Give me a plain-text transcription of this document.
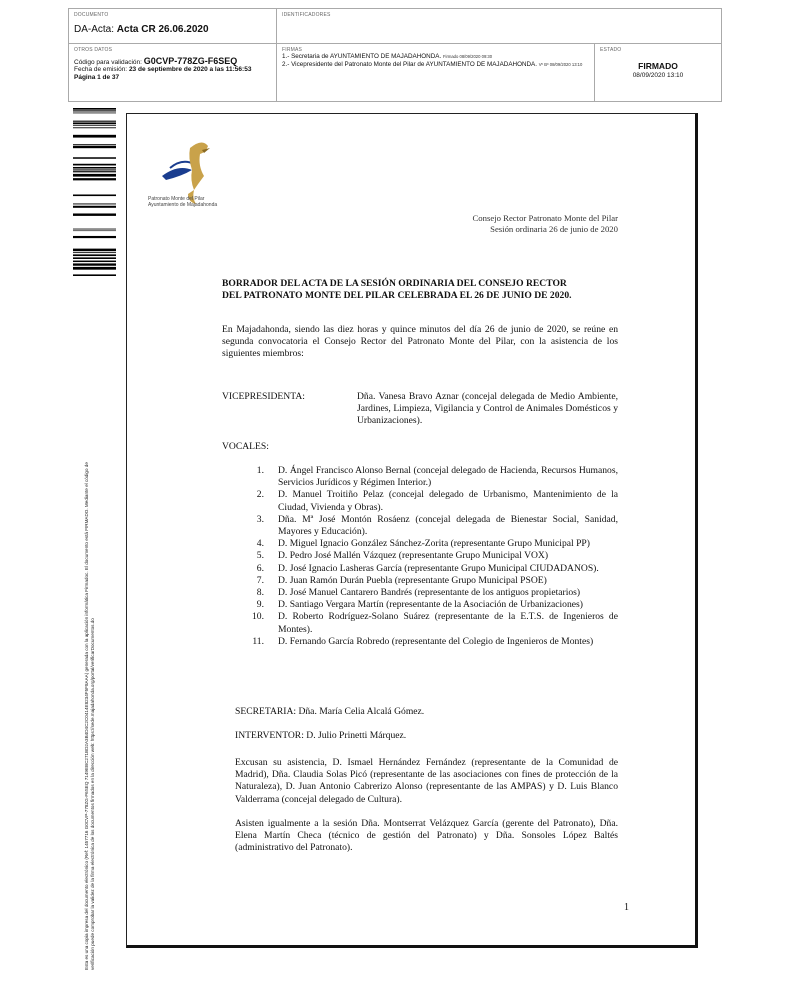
DOCUMENTO
DA-Acta: Acta CR 26.06.2020
IDENTIFICADORES
OTROS DATOS
Código para validación: G0CVP-778ZG-F6SEQ
Fecha de emisión: 23 de septiembre de 2020 a las 11:56:53
Página 1 de 37
FIRMAS
1.- Secretaria de AYUNTAMIENTO DE MAJADAHONDA. Firmado 08/09/2020 09:30
2.- Vicepresidente del Patronato Monte del Pilar de AYUNTAMIENTO DE MAJADAHONDA. Vº Bº 08/09/2020 13:10
ESTADO
FIRMADO
08/09/2020 13:10
Esta es una copia impresa del documento electrónico (Ref: 1457716 G0CVP-778ZG-F6SEQ 7149EBC271BD2A3B4D4C2C0414E8234F5F8AAA) generada con la aplicación informática Firmadoc. El documento está FIRMADO. Mediante el código de verificación puede comprobar la validez de la firma electrónica de los documentos firmados en la dirección web: https://sede.majadahonda.org/portal/verificarDocumentos.do
Patronato Monte del Pilar
Ayuntamiento de Majadahonda
Consejo Rector Patronato Monte del Pilar
Sesión ordinaria 26 de junio de 2020
BORRADOR DEL ACTA DE LA SESIÓN ORDINARIA DEL CONSEJO RECTOR
DEL PATRONATO MONTE DEL PILAR CELEBRADA EL 26 DE JUNIO DE 2020.
En Majadahonda, siendo las diez horas y quince minutos del día 26 de junio de 2020, se reúne en segunda convocatoria el Consejo Rector del Patronato Monte del Pilar, con la asistencia de los siguientes miembros:
VICEPRESIDENTA:	Dña. Vanesa Bravo Aznar (concejal delegada de Medio Ambiente, Jardines, Limpieza, Vigilancia y Control de Animales Domésticos y Urbanizaciones).
VOCALES:
1. D. Ángel Francisco Alonso Bernal (concejal delegado de Hacienda, Recursos Humanos, Servicios Jurídicos y Régimen Interior.)
2. D. Manuel Troitiño Pelaz (concejal delegado de Urbanismo, Mantenimiento de la Ciudad, Vivienda y Obras).
3. Dña. Mª José Montón Rosáenz (concejal delegada de Bienestar Social, Sanidad, Mayores y Educación).
4. D. Miguel Ignacio González Sánchez-Zorita (representante Grupo Municipal PP)
5. D. Pedro José Mallén Vázquez (representante Grupo Municipal VOX)
6. D. José Ignacio Lasheras García (representante Grupo Municipal CIUDADANOS).
7. D. Juan Ramón Durán Puebla (representante Grupo Municipal PSOE)
8. D. José Manuel Cantarero Bandrés (representante de los antiguos propietarios)
9. D. Santiago Vergara Martín (representante de la Asociación de Urbanizaciones)
10. D. Roberto Rodríguez-Solano Suárez (representante de la E.T.S. de Ingenieros de Montes).
11. D. Fernando García Robredo (representante del Colegio de Ingenieros de Montes)
SECRETARIA: Dña. María Celia Alcalá Gómez.
INTERVENTOR: D. Julio Prinetti Márquez.
Excusan su asistencia, D. Ismael Hernández Fernández (representante de la Comunidad de Madrid), Dña. Claudia Solas Picó (representante de las asociaciones con fines de protección de la Naturaleza), D. Juan Antonio Cabrerizo Alonso (representante de las AMPAS) y D. Luis Blanco Valderrama (concejal delegado de Cultura).
Asisten igualmente a la sesión Dña. Montserrat Velázquez García (gerente del Patronato), Dña. Elena Martín Checa (técnico de gestión del Patronato) y Dña. Sonsoles López Baltés (administrativo del Patronato).
1
